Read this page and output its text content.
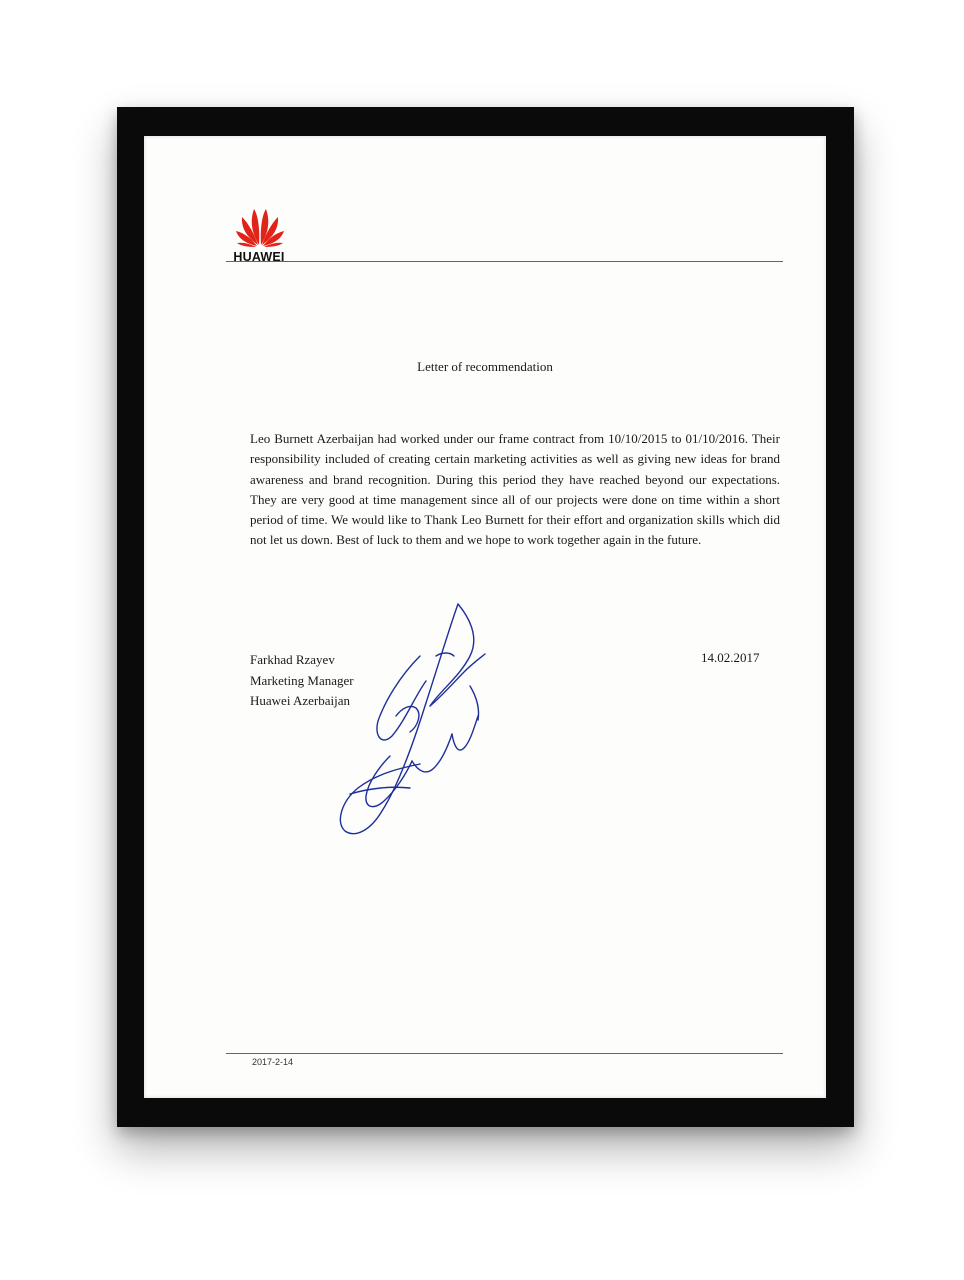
HUAWEI
Letter of recommendation
Leo Burnett Azerbaijan had worked under our frame contract from 10/10/2015 to 01/10/2016. Their responsibility included of creating certain marketing activities as well as giving new ideas for brand awareness and brand recognition. During this period they have reached beyond our expectations. They are very good at time management since all of our projects were done on time within a short period of time. We would like to Thank Leo Burnett for their effort and organization skills which did not let us down. Best of luck to them and we hope to work together again in the future.
Farkhad Rzayev
Marketing Manager
Huawei Azerbaijan
14.02.2017
2017-2-14
